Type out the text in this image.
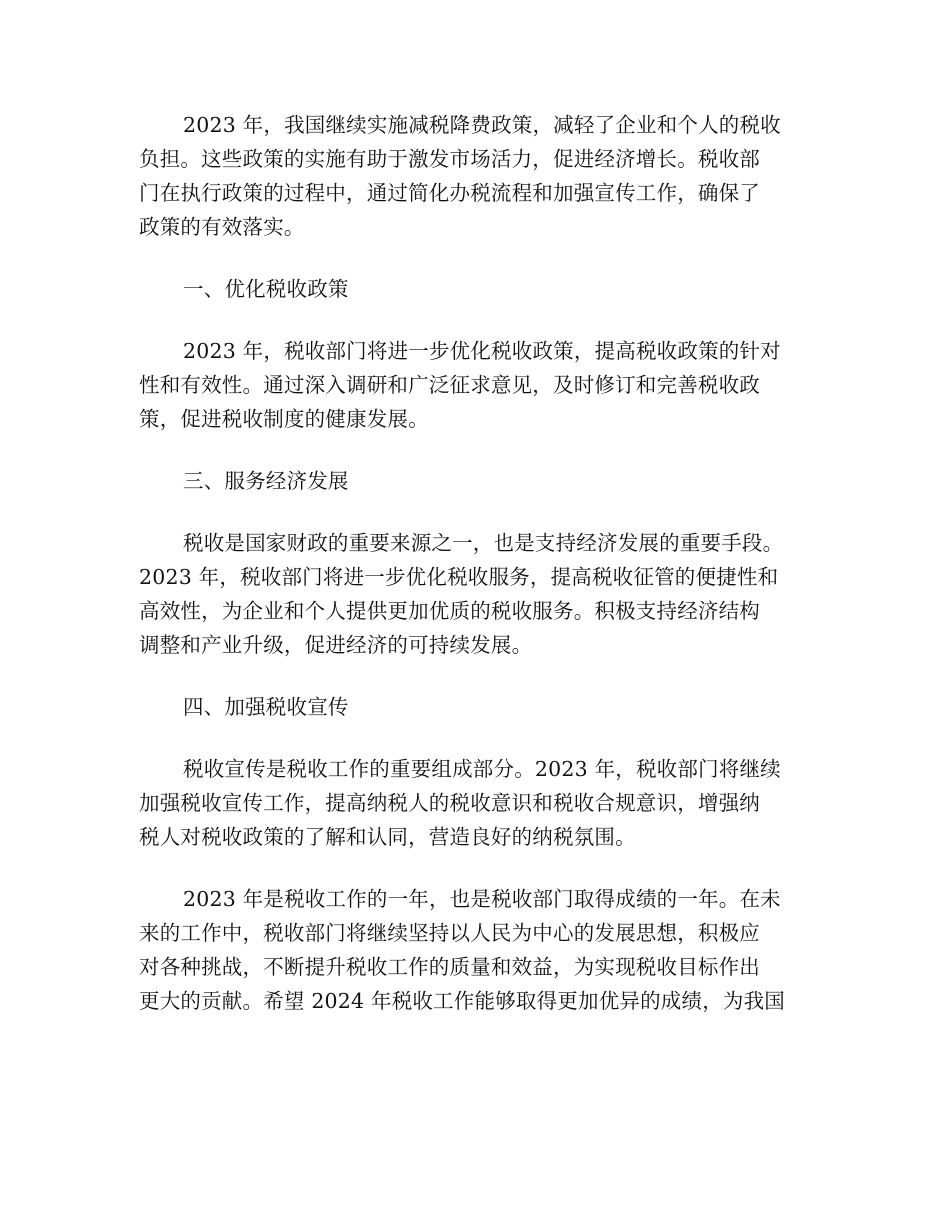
2023 年，我国继续实施减税降费政策，减轻了企业和个人的税收
负担。这些政策的实施有助于激发市场活力，促进经济增长。税收部
门在执行政策的过程中，通过简化办税流程和加强宣传工作，确保了
政策的有效落实。
一、优化税收政策
2023 年，税收部门将进一步优化税收政策，提高税收政策的针对
性和有效性。通过深入调研和广泛征求意见，及时修订和完善税收政
策，促进税收制度的健康发展。
三、服务经济发展
税收是国家财政的重要来源之一，也是支持经济发展的重要手段。
2023 年，税收部门将进一步优化税收服务，提高税收征管的便捷性和
高效性，为企业和个人提供更加优质的税收服务。积极支持经济结构
调整和产业升级，促进经济的可持续发展。
四、加强税收宣传
税收宣传是税收工作的重要组成部分。2023 年，税收部门将继续
加强税收宣传工作，提高纳税人的税收意识和税收合规意识，增强纳
税人对税收政策的了解和认同，营造良好的纳税氛围。
2023 年是税收工作的一年，也是税收部门取得成绩的一年。在未
来的工作中，税收部门将继续坚持以人民为中心的发展思想，积极应
对各种挑战，不断提升税收工作的质量和效益，为实现税收目标作出
更大的贡献。希望 2024 年税收工作能够取得更加优异的成绩，为我国
